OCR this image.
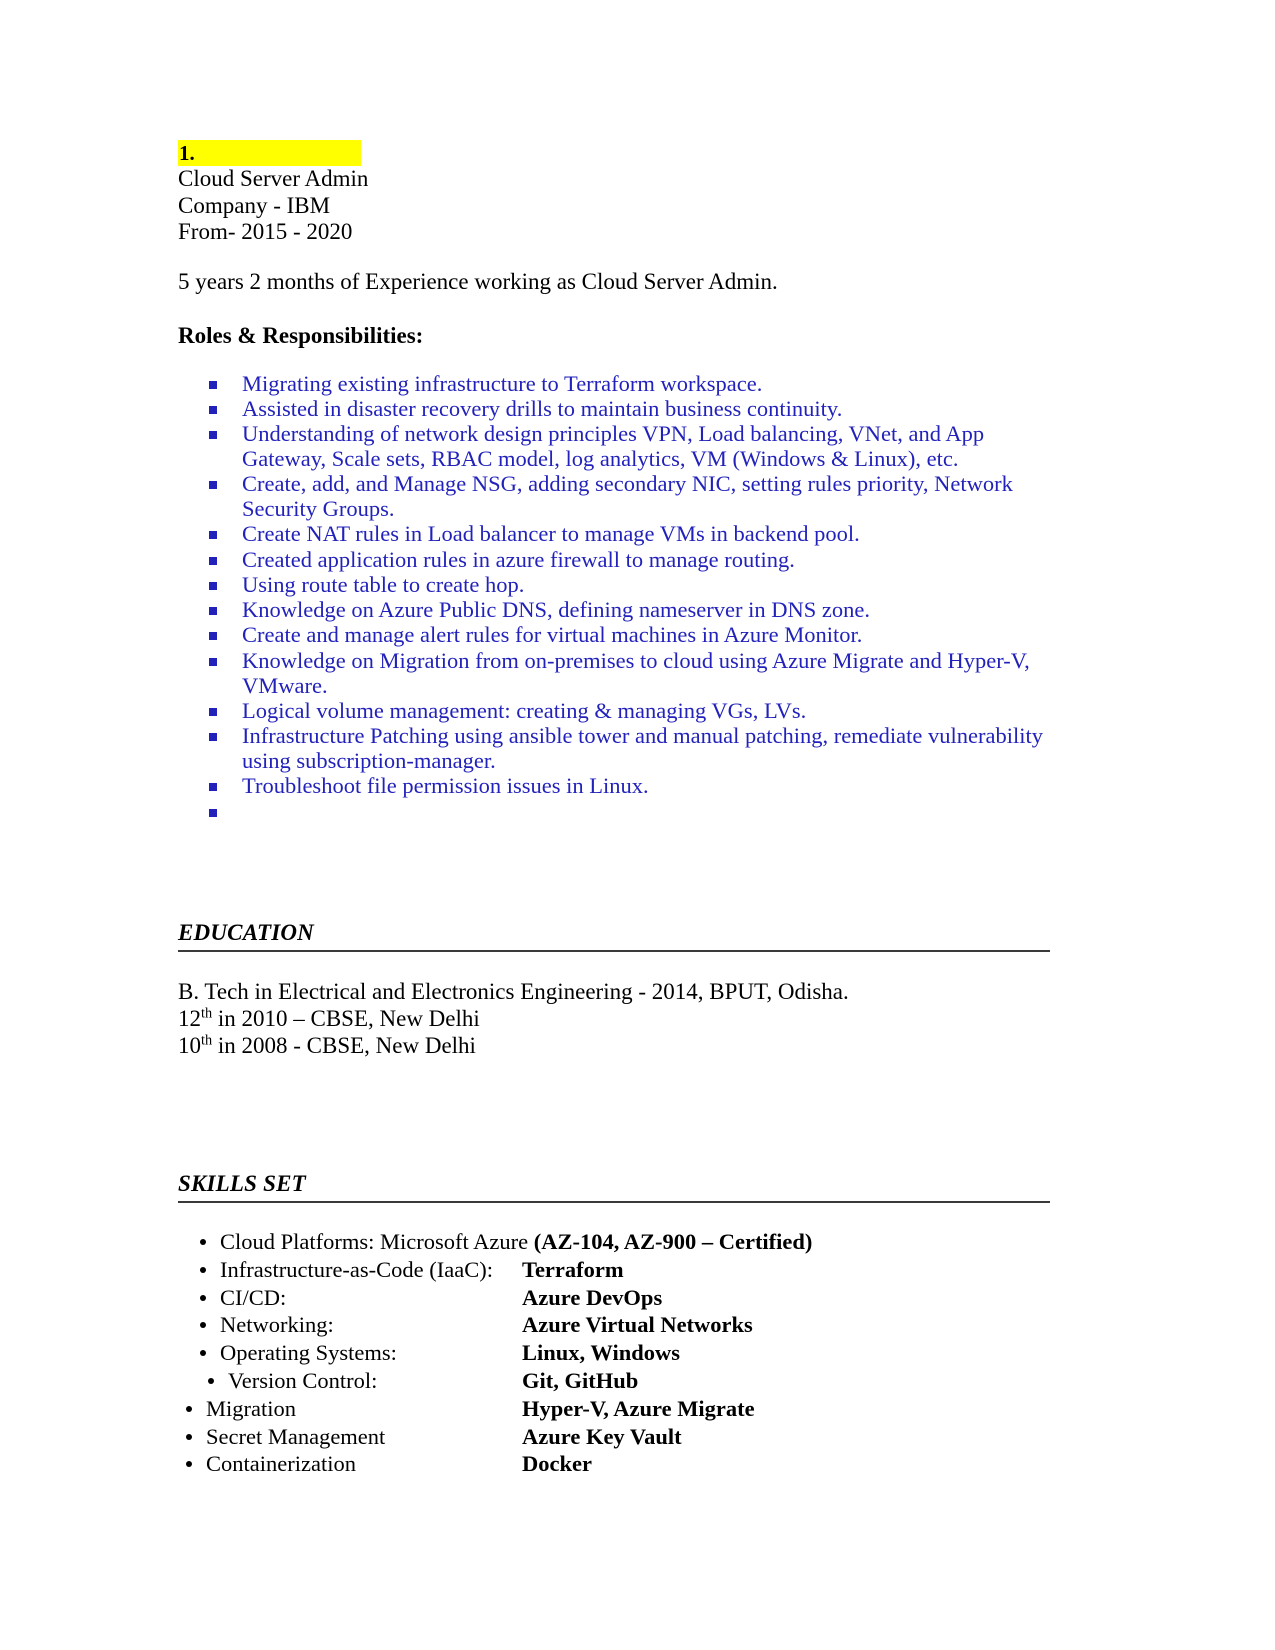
1.
Cloud Server Admin
Company - IBM
From- 2015 - 2020
5 years 2 months of Experience working as Cloud Server Admin.
Roles & Responsibilities:
Migrating existing infrastructure to Terraform workspace.
Assisted in disaster recovery drills to maintain business continuity.
Understanding of network design principles VPN, Load balancing, VNet, and App Gateway, Scale sets, RBAC model, log analytics, VM (Windows & Linux), etc.
Create, add, and Manage NSG, adding secondary NIC, setting rules priority, Network Security Groups.
Create NAT rules in Load balancer to manage VMs in backend pool.
Created application rules in azure firewall to manage routing.
Using route table to create hop.
Knowledge on Azure Public DNS, defining nameserver in DNS zone.
Create and manage alert rules for virtual machines in Azure Monitor.
Knowledge on Migration from on-premises to cloud using Azure Migrate and Hyper-V, VMware.
Logical volume management: creating & managing VGs, LVs.
Infrastructure Patching using ansible tower and manual patching, remediate vulnerability using subscription-manager.
Troubleshoot file permission issues in Linux.
EDUCATION
B. Tech in Electrical and Electronics Engineering - 2014, BPUT, Odisha.
12th in 2010 – CBSE, New Delhi
10th in 2008 - CBSE, New Delhi
SKILLS SET
Cloud Platforms: Microsoft Azure (AZ-104, AZ-900 – Certified)
Infrastructure-as-Code (IaaC): Terraform
CI/CD:	Azure DevOps
Networking:	Azure Virtual Networks
Operating Systems:	Linux, Windows
Version Control:	Git, GitHub
Migration	Hyper-V, Azure Migrate
Secret Management	Azure Key Vault
Containerization	Docker
